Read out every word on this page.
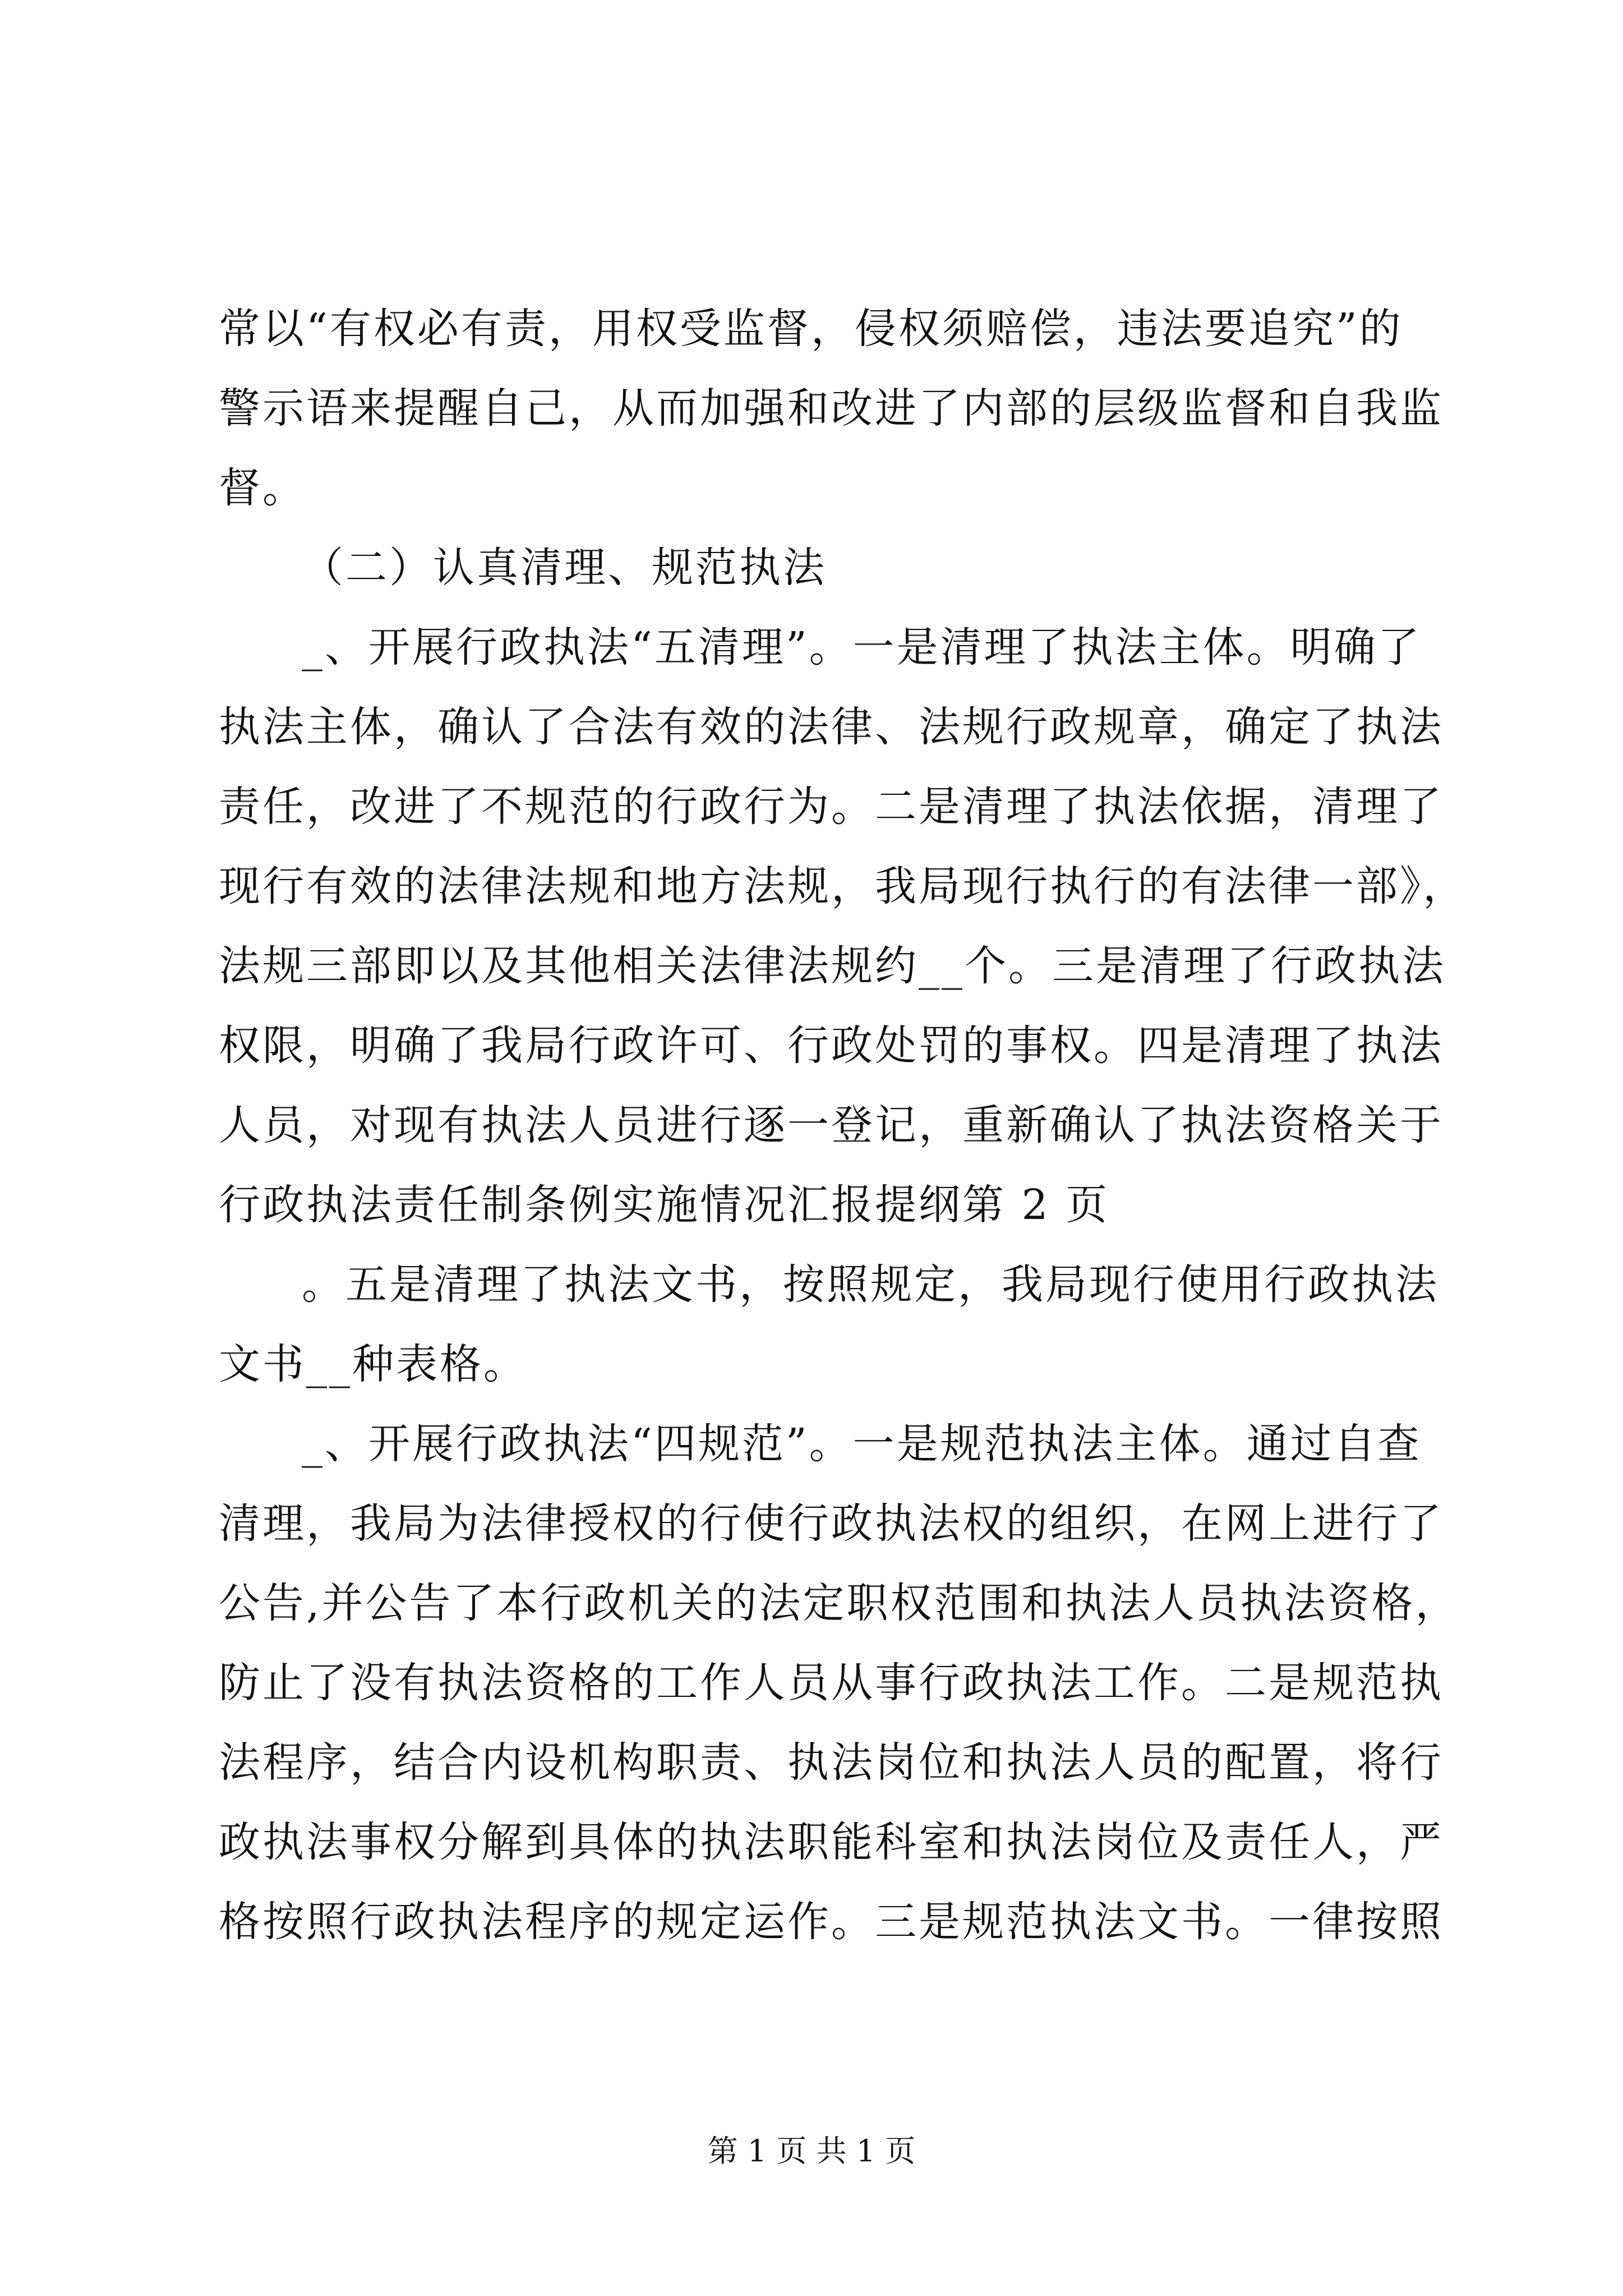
常以“有权必有责，用权受监督，侵权须赔偿，违法要追究”的
警示语来提醒自己，从而加强和改进了内部的层级监督和自我监
督。
（二）认真清理、规范执法
_、开展行政执法“五清理”。一是清理了执法主体。明确了
执法主体，确认了合法有效的法律、法规行政规章，确定了执法
责任，改进了不规范的行政行为。二是清理了执法依据，清理了
现行有效的法律法规和地方法规，我局现行执行的有法律一部》，
法规三部即以及其他相关法律法规约__个。三是清理了行政执法
权限，明确了我局行政许可、行政处罚的事权。四是清理了执法
人员，对现有执法人员进行逐一登记，重新确认了执法资格关于
行政执法责任制条例实施情况汇报提纲第 2 页
。五是清理了执法文书，按照规定，我局现行使用行政执法
文书__种表格。
_、开展行政执法“四规范”。一是规范执法主体。通过自查
清理，我局为法律授权的行使行政执法权的组织，在网上进行了
公告,并公告了本行政机关的法定职权范围和执法人员执法资格，
防止了没有执法资格的工作人员从事行政执法工作。二是规范执
法程序，结合内设机构职责、执法岗位和执法人员的配置，将行
政执法事权分解到具体的执法职能科室和执法岗位及责任人，严
格按照行政执法程序的规定运作。三是规范执法文书。一律按照
第 1 页 共 1 页
